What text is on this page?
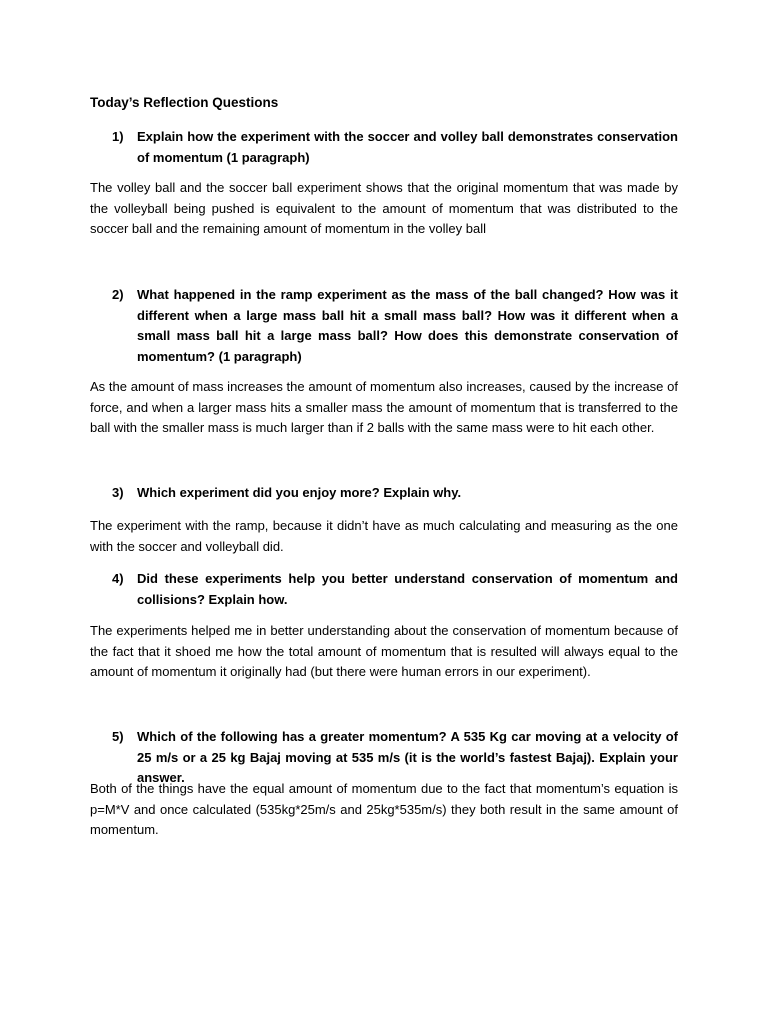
Today’s Reflection Questions
1) Explain how the experiment with the soccer and volley ball demonstrates conservation of momentum (1 paragraph)

The volley ball and the soccer ball experiment shows that the original momentum that was made by the volleyball being pushed is equivalent to the amount of momentum that was distributed to the soccer ball and the remaining amount of momentum in the volley ball

2) What happened in the ramp experiment as the mass of the ball changed? How was it different when a large mass ball hit a small mass ball? How was it different when a small mass ball hit a large mass ball? How does this demonstrate conservation of momentum? (1 paragraph)

As the amount of mass increases the amount of momentum also increases, caused by the increase of force, and when a larger mass hits a smaller mass the amount of momentum that is transferred to the ball with the smaller mass is much larger than if 2 balls with the same mass were to hit each other.

3) Which experiment did you enjoy more? Explain why.

The experiment with the ramp, because it didn’t have as much calculating and measuring as the one with the soccer and volleyball did.

4) Did these experiments help you better understand conservation of momentum and collisions? Explain how.

The experiments helped me in better understanding about the conservation of momentum because of the fact that it shoed me how the total amount of momentum that is resulted will always equal to the amount of momentum it originally had (but there were human errors in our experiment).

5) Which of the following has a greater momentum? A 535 Kg car moving at a velocity of 25 m/s or a 25 kg Bajaj moving at 535 m/s (it is the world’s fastest Bajaj). Explain your answer.

Both of the things have the equal amount of momentum due to the fact that momentum’s equation is p=M*V and once calculated (535kg*25m/s and 25kg*535m/s) they both result in the same amount of momentum.
